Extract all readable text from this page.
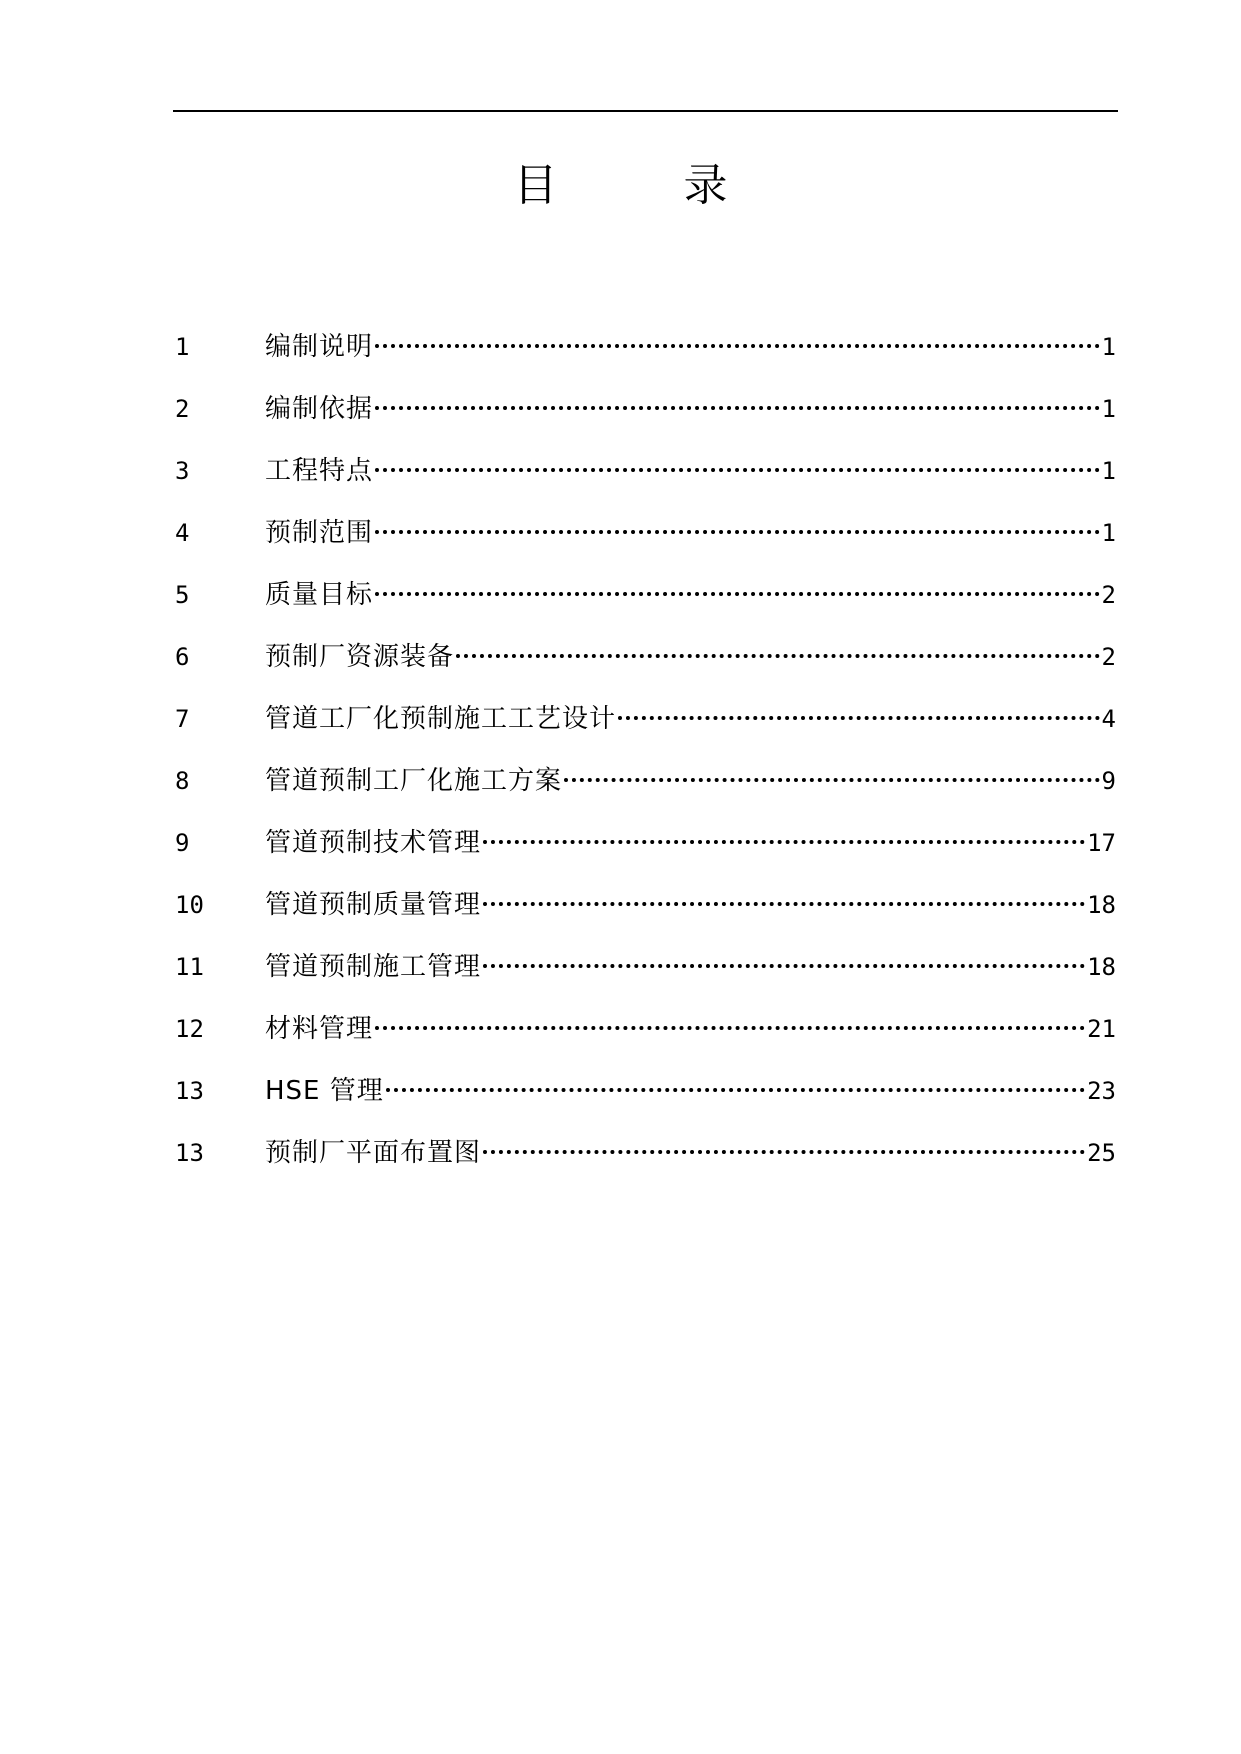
目 录
1	编制说明	1
2	编制依据	1
3	工程特点	1
4	预制范围	1
5	质量目标	2
6	预制厂资源装备	2
7	管道工厂化预制施工工艺设计	4
8	管道预制工厂化施工方案	9
9	管道预制技术管理	17
10	管道预制质量管理	18
11	管道预制施工管理	18
12	材料管理	21
13	HSE 管理	23
13	预制厂平面布置图	25
